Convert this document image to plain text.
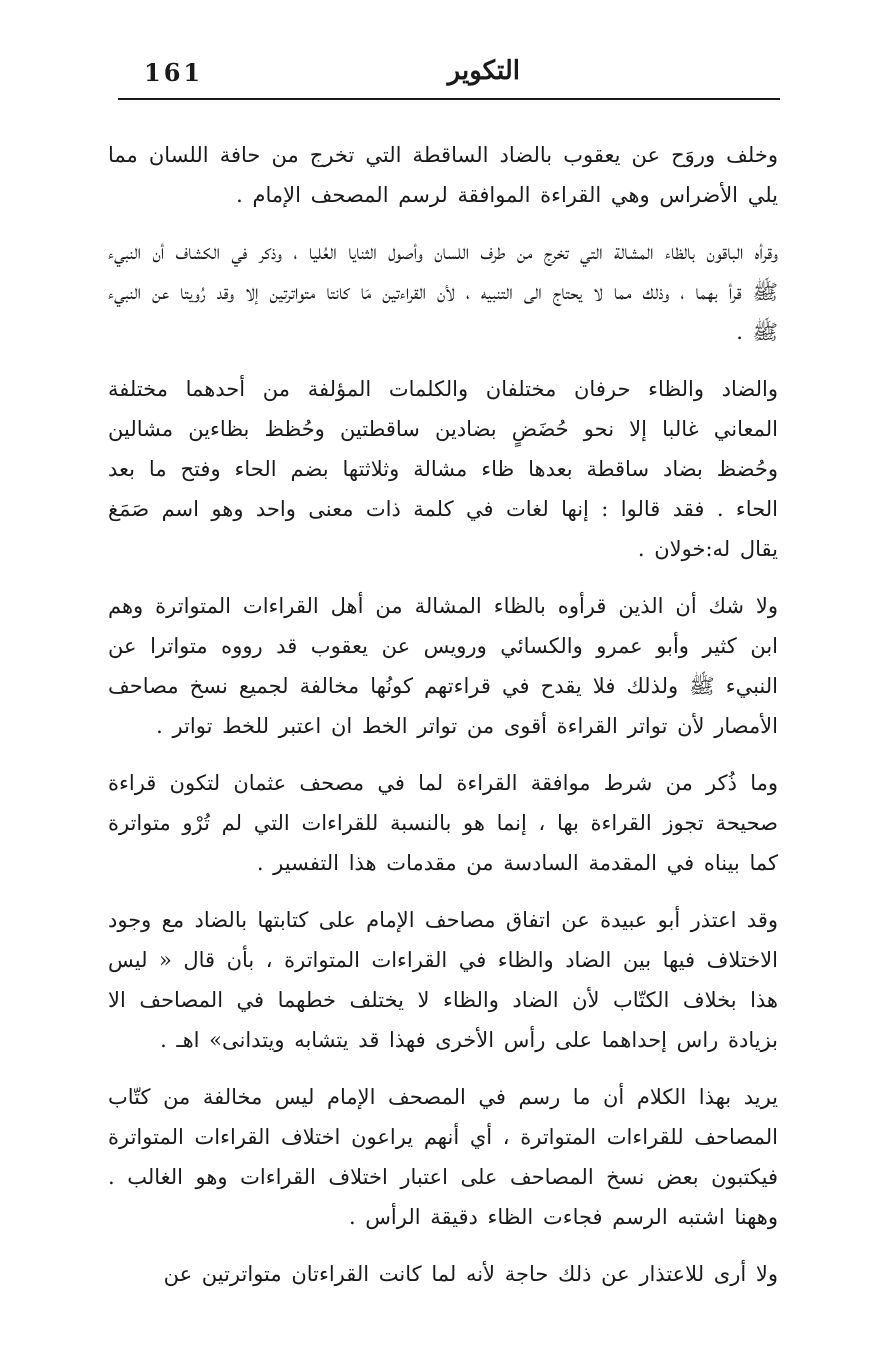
161	التكوير

وخلف وروَح عن يعقوب بالضاد الساقطة التي تخرج من حافة اللسان مما يلي الأضراس وهي القراءة الموافقة لرسم المصحف الإمام .

وقرأه الباقون بالظاء المشالة التي تخرج من طرف اللسان وأصول الثنايا العُليا ، وذكر في الكشاف أن النبيء ﷺ قرأ بهما ، وذلك مما لا يحتاج الى التنبيه ، لأن القراءتين مَا كانتا متواترتين إلا وقد رُويتا عن النبيء ﷺ .

والضاد والظاء حرفان مختلفان والكلمات المؤلفة من أحدهما مختلفة المعاني غالبا إلا نحو حُضَضٍ بضادين ساقطتين وحُظظ بظاءين مشالين وحُضظ بضاد ساقطة بعدها ظاء مشالة وثلاثتها بضم الحاء وفتح ما بعد الحاء . فقد قالوا : إنها لغات في كلمة ذات معنى واحد وهو اسم صَمَغ يقال له:خولان .

ولا شك أن الذين قرأوه بالظاء المشالة من أهل القراءات المتواترة وهم ابن كثير وأبو عمرو والكسائي ورويس عن يعقوب قد رووه متواترا عن النبيء ﷺ ولذلك فلا يقدح في قراءتهم كونُها مخالفة لجميع نسخ مصاحف الأمصار لأن تواتر القراءة أقوى من تواتر الخط ان اعتبر للخط تواتر .

وما ذُكر من شرط موافقة القراءة لما في مصحف عثمان لتكون قراءة صحيحة تجوز القراءة بها ، إنما هو بالنسبة للقراءات التي لم تُرْو متواترة كما بيناه في المقدمة السادسة من مقدمات هذا التفسير .

وقد اعتذر أبو عبيدة عن اتفاق مصاحف الإمام على كتابتها بالضاد مع وجود الاختلاف فيها بين الضاد والظاء في القراءات المتواترة ، بأن قال « ليس هذا بخلاف الكتّاب لأن الضاد والظاء لا يختلف خطهما في المصاحف الا بزيادة راس إحداهما على رأس الأخرى فهذا قد يتشابه ويتدانى» اهـ .

يريد بهذا الكلام أن ما رسم في المصحف الإمام ليس مخالفة من كتّاب المصاحف للقراءات المتواترة ، أي أنهم يراعون اختلاف القراءات المتواترة فيكتبون بعض نسخ المصاحف على اعتبار اختلاف القراءات وهو الغالب . وههنا اشتبه الرسم فجاءت الظاء دقيقة الرأس .

ولا أرى للاعتذار عن ذلك حاجة لأنه لما كانت القراءتان متواترتين عن
